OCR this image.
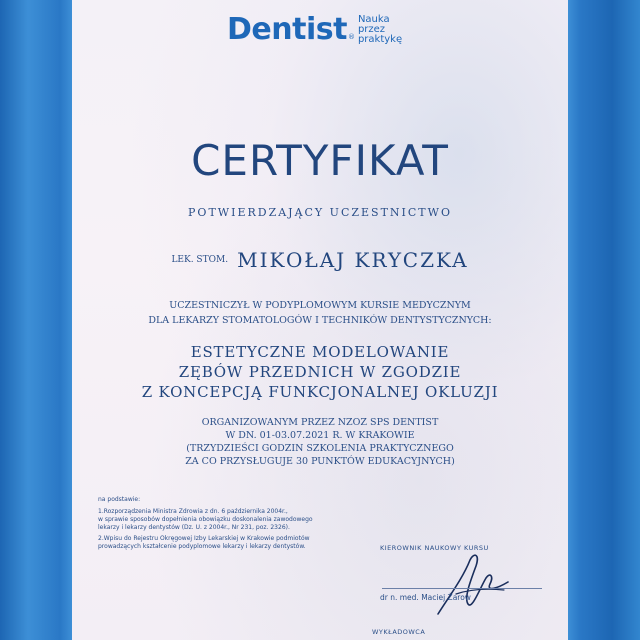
Dentist ®
Nauka
przez
praktykę
CERTYFIKAT
POTWIERDZAJĄCY UCZESTNICTWO
LEK. STOM. MIKOŁAJ KRYCZKA
UCZESTNICZYŁ W PODYPLOMOWYM KURSIE MEDYCZNYM
DLA LEKARZY STOMATOLOGÓW I TECHNIKÓW DENTYSTYCZNYCH:
ESTETYCZNE MODELOWANIE
ZĘBÓW PRZEDNICH W ZGODZIE
Z KONCEPCJĄ FUNKCJONALNEJ OKLUZJI
ORGANIZOWANYM PRZEZ NZOZ SPS DENTIST
W DN. 01-03.07.2021 R. W KRAKOWIE
(TRZYDZIEŚCI GODZIN SZKOLENIA PRAKTYCZNEGO
ZA CO PRZYSŁUGUJE 30 PUNKTÓW EDUKACYJNYCH)
na podstawie:
1.Rozporządzenia Ministra Zdrowia z dn. 6 października 2004r.,
w sprawie sposobów dopełnienia obowiązku doskonalenia zawodowego
lekarzy i lekarzy dentystów (Dz. U. z 2004r., Nr 231, poz. 2326).
2.Wpisu do Rejestru Okręgowej Izby Lekarskiej w Krakowie podmiotów
prowadzących kształcenie podyplomowe lekarzy i lekarzy dentystów.	KIEROWNIK NAUKOWY KURSU
dr n. med. Maciej Żarow
WYKŁADOWCA
